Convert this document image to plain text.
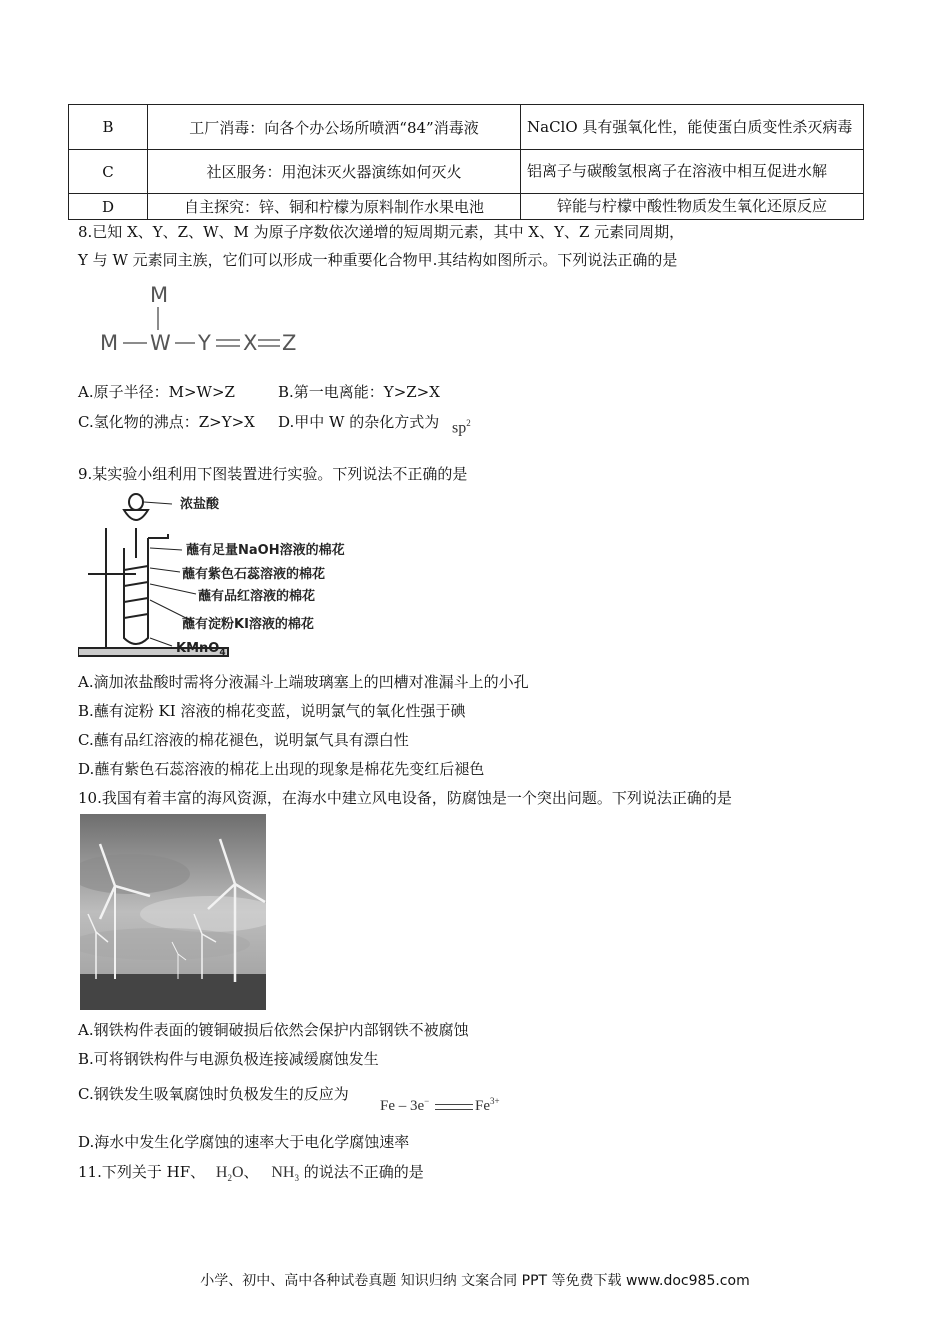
B	工厂消毒：向各个办公场所喷洒“84”消毒液	NaClO 具有强氧化性，能使蛋白质变性杀灭病毒
C	社区服务：用泡沫灭火器演练如何灭火	铝离子与碳酸氢根离子在溶液中相互促进水解
D	自主探究：锌、铜和柠檬为原料制作水果电池	锌能与柠檬中酸性物质发生氧化还原反应
8.已知 X、Y、Z、W、M 为原子序数依次递增的短周期元素，其中 X、Y、Z 元素同周期，
Y 与 W 元素同主族，它们可以形成一种重要化合物甲.其结构如图所示。下列说法正确的是
M
M W Y X Z
A.原子半径：M>W>Z	B.第一电离能：Y>Z>X
C.氢化物的沸点：Z>Y>X D.甲中 W 的杂化方式为 $sp^2$
9.某实验小组利用下图装置进行实验。下列说法不正确的是
浓盐酸
蘸有足量NaOH溶液的棉花
蘸有紫色石蕊溶液的棉花
蘸有品红溶液的棉花
蘸有淀粉KI溶液的棉花
KMnO$_4$
A.滴加浓盐酸时需将分液漏斗上端玻璃塞上的凹槽对准漏斗上的小孔
B.蘸有淀粉 KI 溶液的棉花变蓝，说明氯气的氧化性强于碘
C.蘸有品红溶液的棉花褪色，说明氯气具有漂白性
D.蘸有紫色石蕊溶液的棉花上出现的现象是棉花先变红后褪色
10.我国有着丰富的海风资源，在海水中建立风电设备，防腐蚀是一个突出问题。下列说法正确的是
A.钢铁构件表面的镀铜破损后依然会保护内部钢铁不被腐蚀
B.可将钢铁构件与电源负极连接减缓腐蚀发生
C.钢铁发生吸氧腐蚀时负极发生的反应为
Fe – 3e−	$Fe^{3+}$
D.海水中发生化学腐蚀的速率大于电化学腐蚀速率
11.下列关于 HF、 $H_2O$、 $NH_3$ 的说法不正确的是
小学、初中、高中各种试卷真题 知识归纳 文案合同 PPT 等免费下载 www.doc985.com
